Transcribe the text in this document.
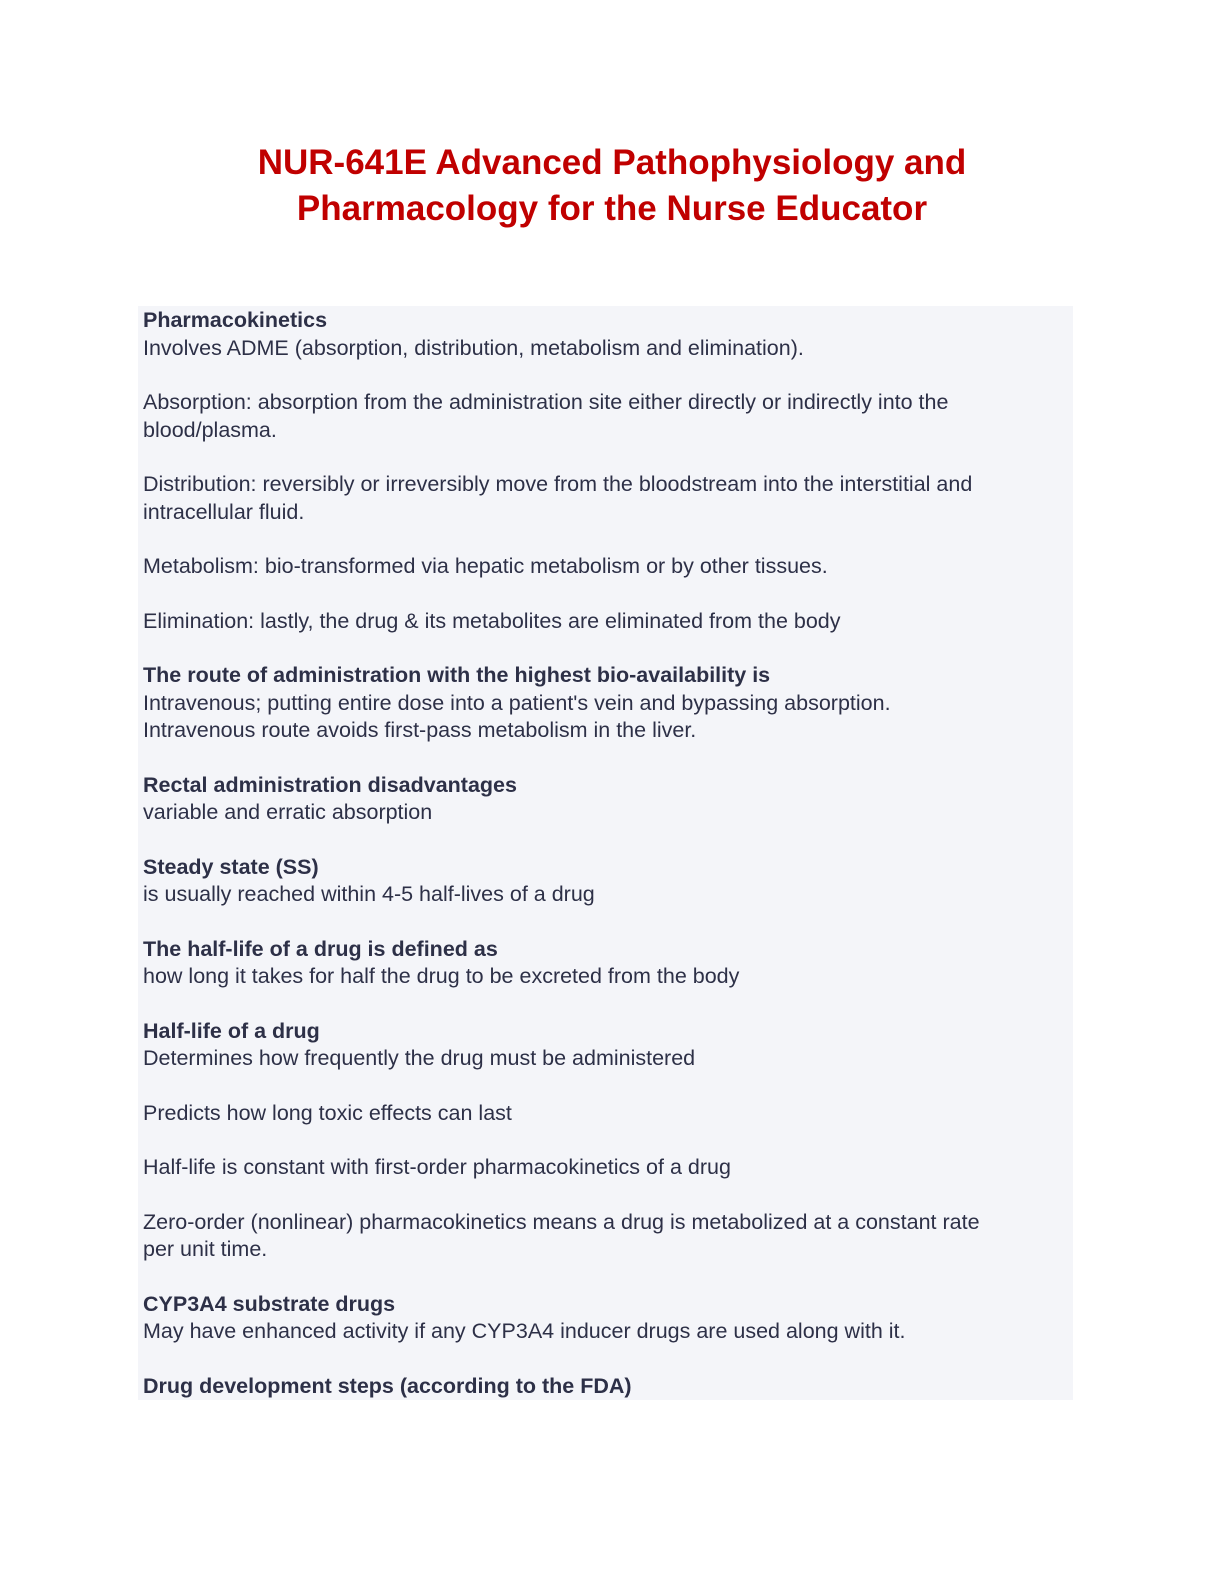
NUR-641E Advanced Pathophysiology and
Pharmacology for the Nurse Educator
Pharmacokinetics
Involves ADME (absorption, distribution, metabolism and elimination).
Absorption: absorption from the administration site either directly or indirectly into the
blood/plasma.
Distribution: reversibly or irreversibly move from the bloodstream into the interstitial and
intracellular fluid.
Metabolism: bio-transformed via hepatic metabolism or by other tissues.
Elimination: lastly, the drug & its metabolites are eliminated from the body
The route of administration with the highest bio-availability is
Intravenous; putting entire dose into a patient's vein and bypassing absorption.
Intravenous route avoids first-pass metabolism in the liver.
Rectal administration disadvantages
variable and erratic absorption
Steady state (SS)
is usually reached within 4-5 half-lives of a drug
The half-life of a drug is defined as
how long it takes for half the drug to be excreted from the body
Half-life of a drug
Determines how frequently the drug must be administered
Predicts how long toxic effects can last
Half-life is constant with first-order pharmacokinetics of a drug
Zero-order (nonlinear) pharmacokinetics means a drug is metabolized at a constant rate
per unit time.
CYP3A4 substrate drugs
May have enhanced activity if any CYP3A4 inducer drugs are used along with it.
Drug development steps (according to the FDA)
